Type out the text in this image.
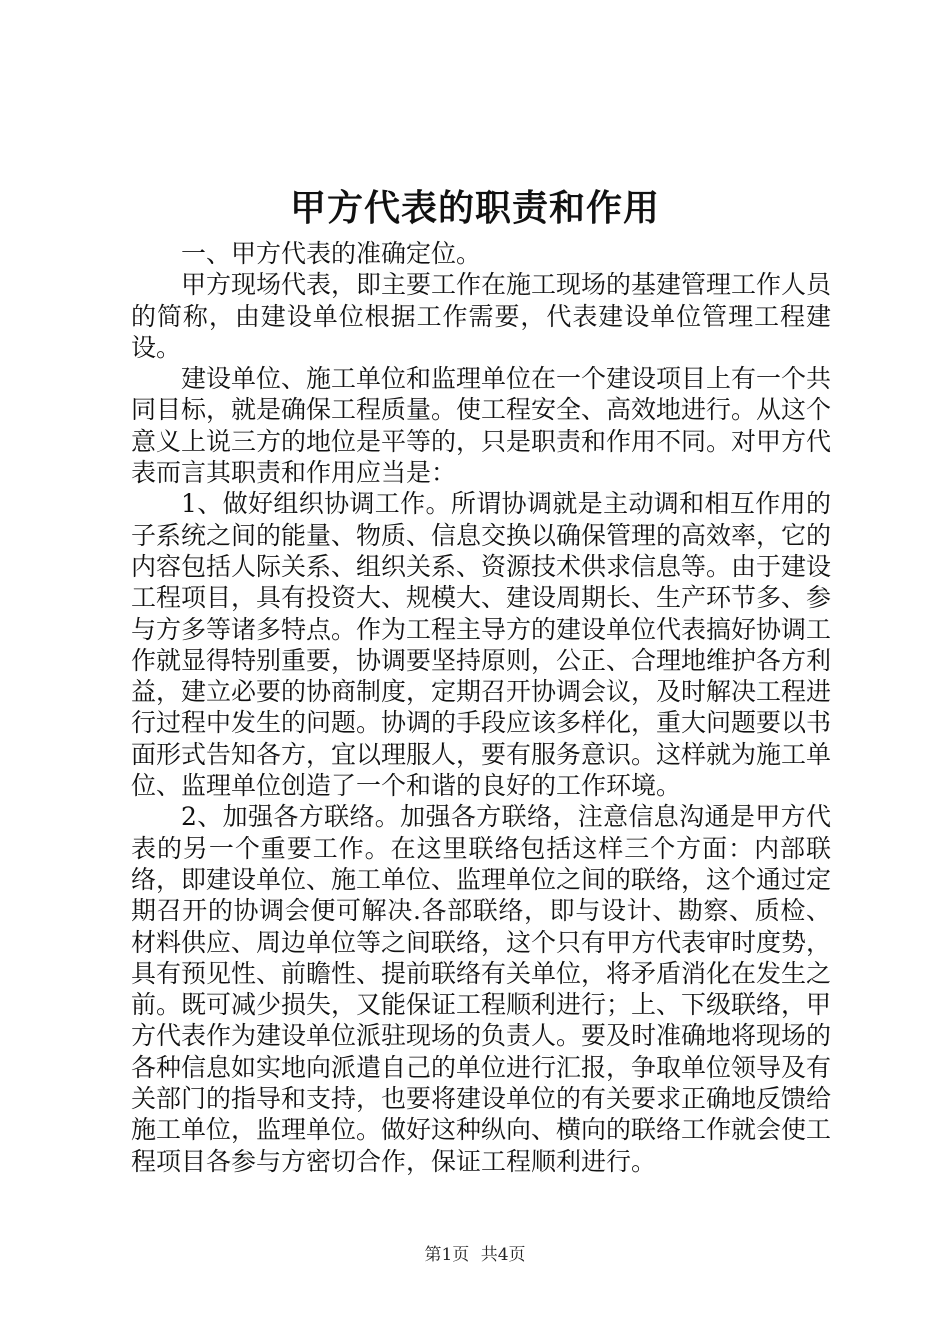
甲方代表的职责和作用

一、甲方代表的准确定位。

甲方现场代表，即主要工作在施工现场的基建管理工作人员的简称，由建设单位根据工作需要，代表建设单位管理工程建设。

建设单位、施工单位和监理单位在一个建设项目上有一个共同目标，就是确保工程质量。使工程安全、高效地进行。从这个意义上说三方的地位是平等的，只是职责和作用不同。对甲方代表而言其职责和作用应当是：

1、做好组织协调工作。所谓协调就是主动调和相互作用的子系统之间的能量、物质、信息交换以确保管理的高效率，它的内容包括人际关系、组织关系、资源技术供求信息等。由于建设工程项目，具有投资大、规模大、建设周期长、生产环节多、参与方多等诸多特点。作为工程主导方的建设单位代表搞好协调工作就显得特别重要，协调要坚持原则，公正、合理地维护各方利益，建立必要的协商制度，定期召开协调会议，及时解决工程进行过程中发生的问题。协调的手段应该多样化，重大问题要以书面形式告知各方，宜以理服人，要有服务意识。这样就为施工单位、监理单位创造了一个和谐的良好的工作环境。

2、加强各方联络。加强各方联络，注意信息沟通是甲方代表的另一个重要工作。在这里联络包括这样三个方面：内部联络，即建设单位、施工单位、监理单位之间的联络，这个通过定期召开的协调会便可解决.各部联络，即与设计、勘察、质检、材料供应、周边单位等之间联络，这个只有甲方代表审时度势，具有预见性、前瞻性、提前联络有关单位，将矛盾消化在发生之前。既可减少损失，又能保证工程顺利进行；上、下级联络，甲方代表作为建设单位派驻现场的负责人。要及时准确地将现场的各种信息如实地向派遣自己的单位进行汇报，争取单位领导及有关部门的指导和支持，也要将建设单位的有关要求正确地反馈给施工单位，监理单位。做好这种纵向、横向的联络工作就会使工程项目各参与方密切合作，保证工程顺利进行。

第1页 共4页
